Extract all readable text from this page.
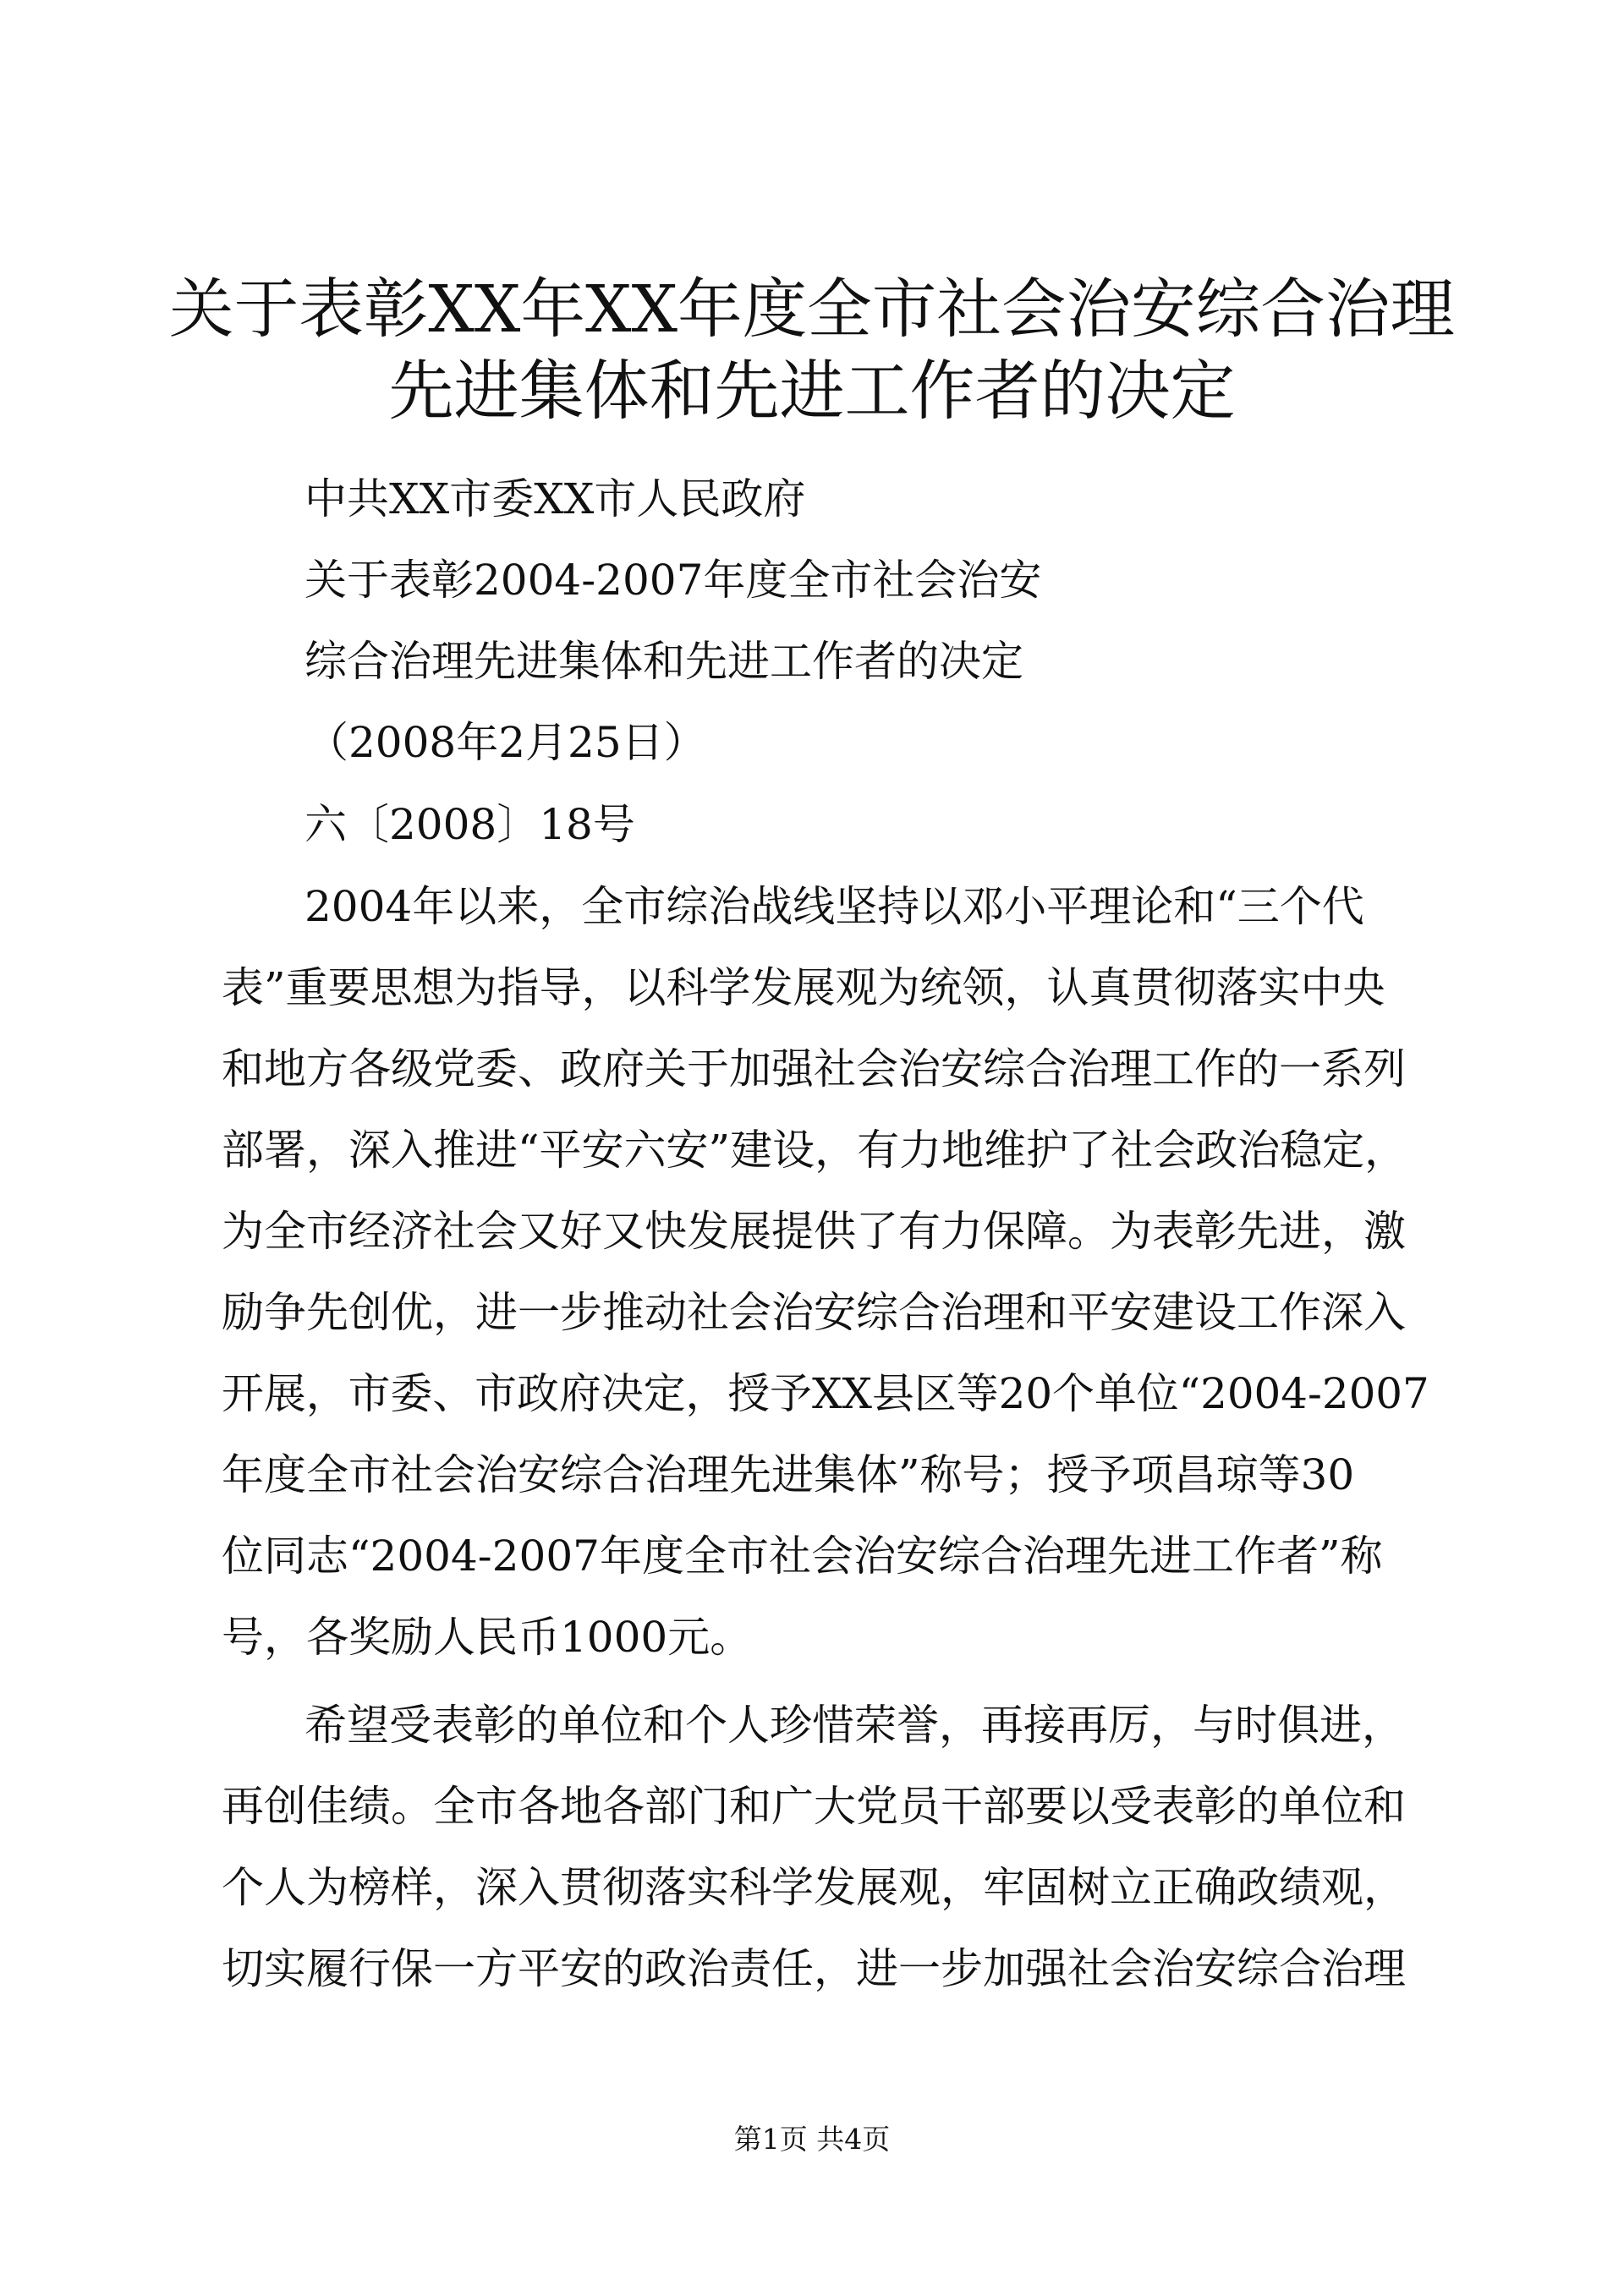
关于表彰XX年XX年度全市社会治安综合治理
先进集体和先进工作者的决定
中共XX市委XX市人民政府
关于表彰2004-2007年度全市社会治安
综合治理先进集体和先进工作者的决定
（2008年2月25日）
六〔2008〕18号
2004年以来，全市综治战线坚持以邓小平理论和“三个代
表”重要思想为指导，以科学发展观为统领，认真贯彻落实中央
和地方各级党委、政府关于加强社会治安综合治理工作的一系列
部署，深入推进“平安六安”建设，有力地维护了社会政治稳定，
为全市经济社会又好又快发展提供了有力保障。为表彰先进，激
励争先创优，进一步推动社会治安综合治理和平安建设工作深入
开展，市委、市政府决定，授予XX县区等20个单位“2004-2007
年度全市社会治安综合治理先进集体”称号；授予项昌琼等30
位同志“2004-2007年度全市社会治安综合治理先进工作者”称
号，各奖励人民币1000元。
希望受表彰的单位和个人珍惜荣誉，再接再厉，与时俱进，
再创佳绩。全市各地各部门和广大党员干部要以受表彰的单位和
个人为榜样，深入贯彻落实科学发展观，牢固树立正确政绩观，
切实履行保一方平安的政治责任，进一步加强社会治安综合治理
第1页 共4页
